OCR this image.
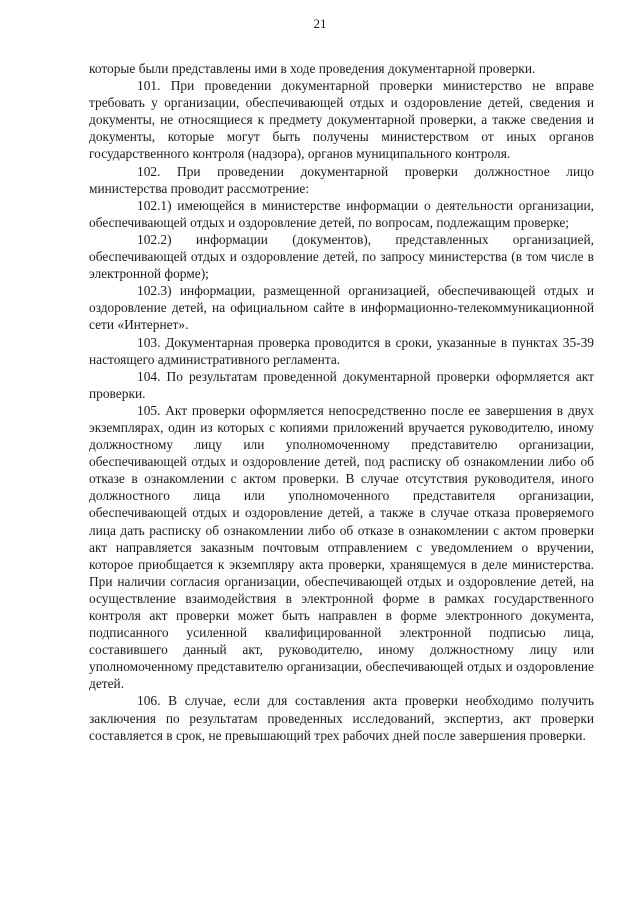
21

которые были представлены ими в ходе проведения документарной проверки.

101. При проведении документарной проверки министерство не вправе требовать у организации, обеспечивающей отдых и оздоровление детей, сведения и документы, не относящиеся к предмету документарной проверки, а также сведения и документы, которые могут быть получены министерством от иных органов государственного контроля (надзора), органов муниципального контроля.

102. При проведении документарной проверки должностное лицо министерства проводит рассмотрение:

102.1) имеющейся в министерстве информации о деятельности организации, обеспечивающей отдых и оздоровление детей, по вопросам, подлежащим проверке;

102.2) информации (документов), представленных организацией, обеспечивающей отдых и оздоровление детей, по запросу министерства (в том числе в электронной форме);

102.3) информации, размещенной организацией, обеспечивающей отдых и оздоровление детей, на официальном сайте в информационно-телекоммуникационной сети «Интернет».

103. Документарная проверка проводится в сроки, указанные в пунктах 35-39 настоящего административного регламента.

104. По результатам проведенной документарной проверки оформляется акт проверки.

105. Акт проверки оформляется непосредственно после ее завершения в двух экземплярах, один из которых с копиями приложений вручается руководителю, иному должностному лицу или уполномоченному представителю организации, обеспечивающей отдых и оздоровление детей, под расписку об ознакомлении либо об отказе в ознакомлении с актом проверки. В случае отсутствия руководителя, иного должностного лица или уполномоченного представителя организации, обеспечивающей отдых и оздоровление детей, а также в случае отказа проверяемого лица дать расписку об ознакомлении либо об отказе в ознакомлении с актом проверки акт направляется заказным почтовым отправлением с уведомлением о вручении, которое приобщается к экземпляру акта проверки, хранящемуся в деле министерства. При наличии согласия организации, обеспечивающей отдых и оздоровление детей, на осуществление взаимодействия в электронной форме в рамках государственного контроля акт проверки может быть направлен в форме электронного документа, подписанного усиленной квалифицированной электронной подписью лица, составившего данный акт, руководителю, иному должностному лицу или уполномоченному представителю организации, обеспечивающей отдых и оздоровление детей.

106. В случае, если для составления акта проверки необходимо получить заключения по результатам проведенных исследований, экспертиз, акт проверки составляется в срок, не превышающий трех рабочих дней после завершения проверки.
